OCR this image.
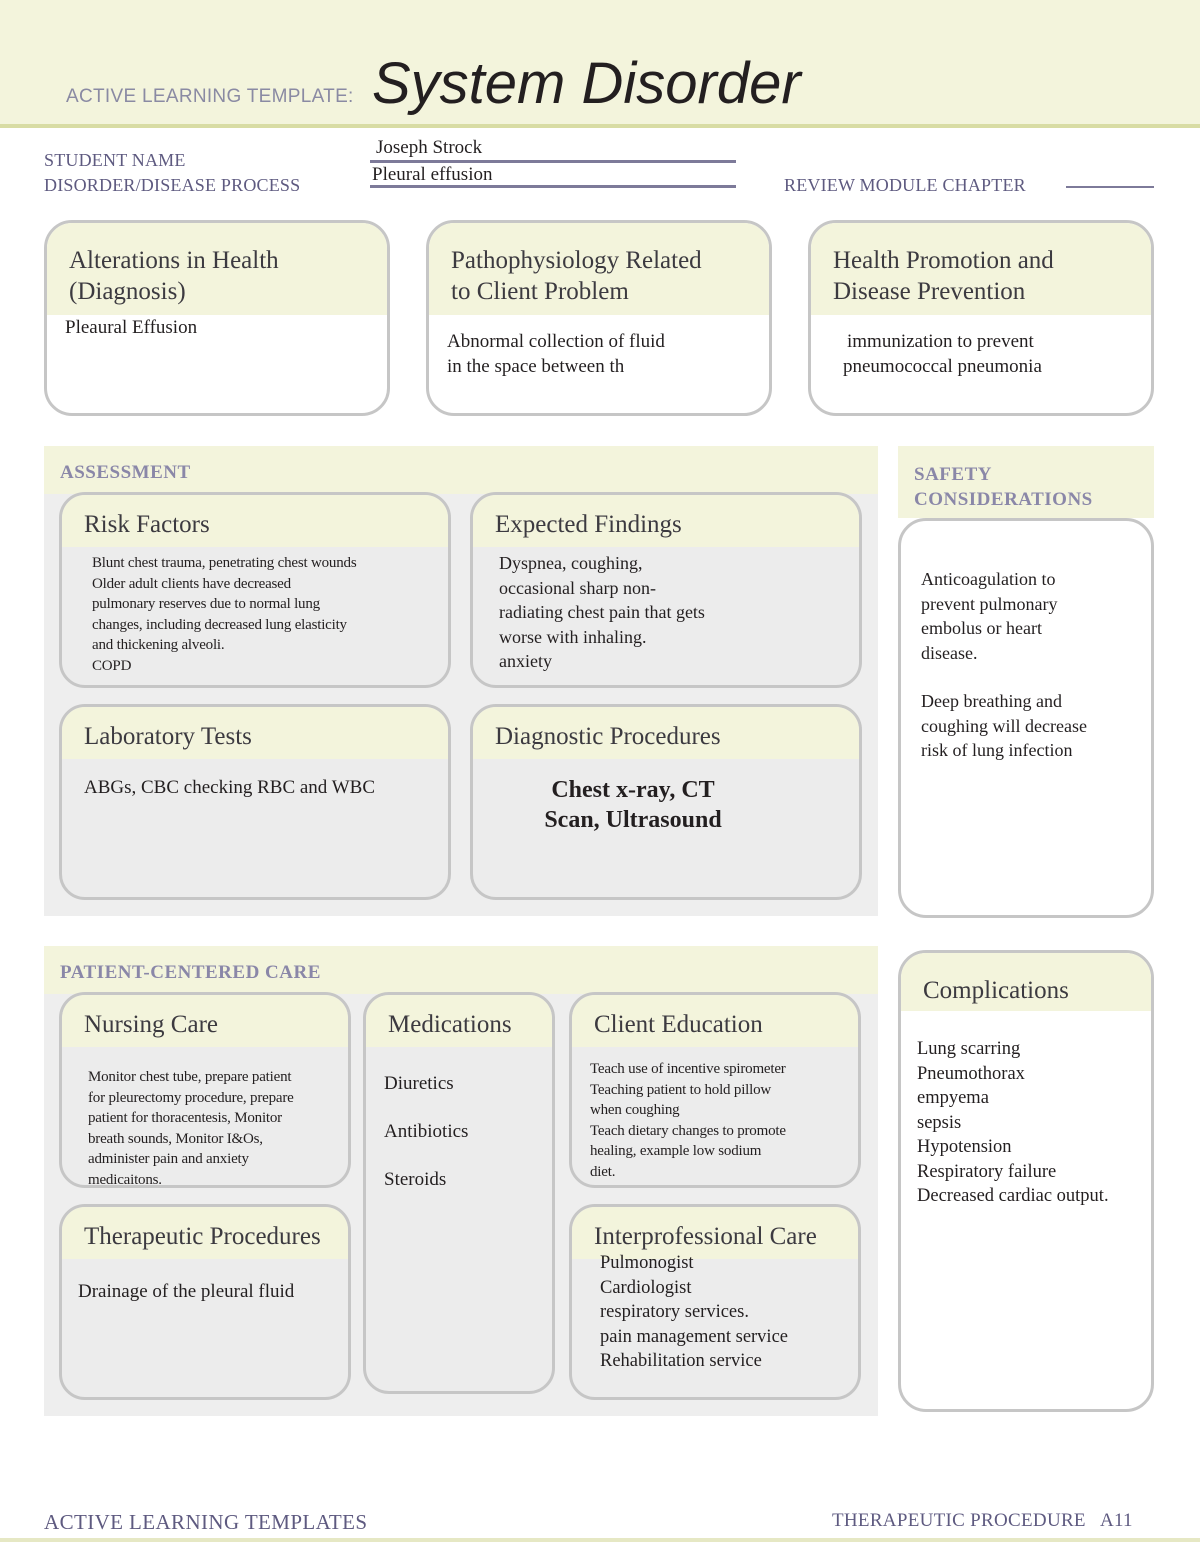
ACTIVE LEARNING TEMPLATE: System Disorder
STUDENT NAME
Joseph Strock
DISORDER/DISEASE PROCESS	Pleural effusion	REVIEW MODULE CHAPTER
Alterations in Health
(Diagnosis)
Pleaural Effusion
Pathophysiology Related
to Client Problem
Abnormal collection of fluid
in the space between th
Health Promotion and
Disease Prevention
immunization to prevent
pneumococcal pneumonia
ASSESSMENT
Risk Factors
Blunt chest trauma, penetrating chest wounds
Older adult clients have decreased
pulmonary reserves due to normal lung
changes, including decreased lung elasticity
and thickening alveoli.
COPD
Expected Findings
Dyspnea, coughing,
occasional sharp non-
radiating chest pain that gets
worse with inhaling.
anxiety
Laboratory Tests
ABGs, CBC checking RBC and WBC
Diagnostic Procedures
Chest x-ray, CT
Scan, Ultrasound
SAFETY
CONSIDERATIONS
Anticoagulation to
prevent pulmonary
embolus or heart
disease.
Deep breathing and
coughing will decrease
risk of lung infection
PATIENT-CENTERED CARE
Nursing Care
Monitor chest tube, prepare patient
for pleurectomy procedure, prepare
patient for thoracentesis, Monitor
breath sounds, Monitor I&Os,
administer pain and anxiety
medicaitons.
Medications
Diuretics
Antibiotics
Steroids
Client Education
Teach use of incentive spirometer
Teaching patient to hold pillow
when coughing
Teach dietary changes to promote
healing, example low sodium
diet.
Therapeutic Procedures
Drainage of the pleural fluid
Interprofessional Care
Pulmonogist
Cardiologist
respiratory services.
pain management service
Rehabilitation service
Complications
Lung scarring
Pneumothorax
empyema
sepsis
Hypotension
Respiratory failure
Decreased cardiac output.
ACTIVE LEARNING TEMPLATES	THERAPEUTIC PROCEDURE   A11
